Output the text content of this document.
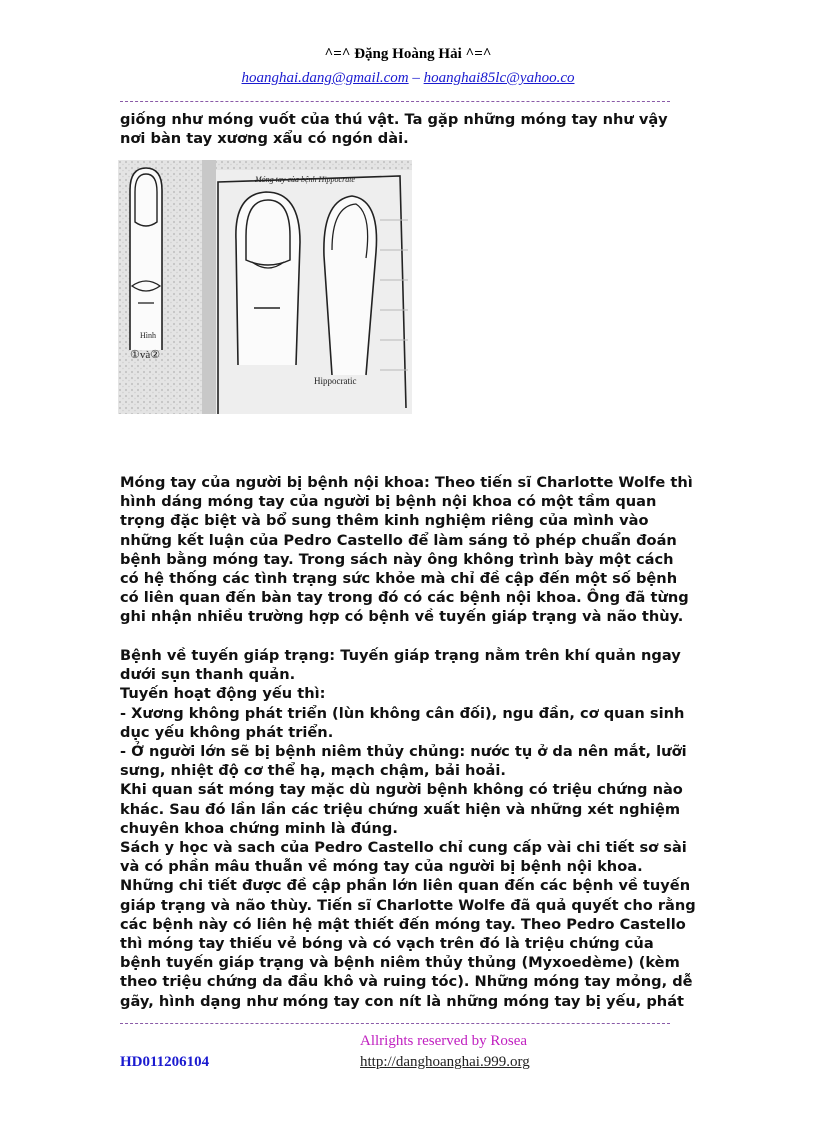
^=^ Đặng Hoàng Hải ^=^
hoanghai.dang@gmail.com – hoanghai85lc@yahoo.co

giống như móng vuốt của thú vật. Ta gặp những móng tay như vậy
nơi bàn tay xương xẩu có ngón dài.

Móng tay của bệnh Hippocrate
Hippocratic
Hình
①và②

Móng tay của người bị bệnh nội khoa: Theo tiến sĩ Charlotte Wolfe thì
hình dáng móng tay của người bị bệnh nội khoa có một tầm quan
trọng đặc biệt và bổ sung thêm kinh nghiệm riêng của mình vào
những kết luận của Pedro Castello để làm sáng tỏ phép chuẩn đoán
bệnh bằng móng tay. Trong sách này ông không trình bày một cách
có hệ thống các tình trạng sức khỏe mà chỉ đề cập đến một số bệnh
có liên quan đến bàn tay trong đó có các bệnh nội khoa. Ông đã từng
ghi nhận nhiều trường hợp có bệnh về tuyến giáp trạng và não thùy.

Bệnh về tuyến giáp trạng: Tuyến giáp trạng nằm trên khí quản ngay
dưới sụn thanh quản.
Tuyến hoạt động yếu thì:
- Xương không phát triển (lùn không cân đối), ngu đần, cơ quan sinh
dục yếu không phát triển.
- Ở người lớn sẽ bị bệnh niêm thủy chủng: nước tụ ở da nên mắt, lưỡi
sưng, nhiệt độ cơ thể hạ, mạch chậm, bải hoải.
Khi quan sát móng tay mặc dù người bệnh không có triệu chứng nào
khác. Sau đó lần lần các triệu chứng xuất hiện và những xét nghiệm
chuyên khoa chứng minh là đúng.
Sách y học và sach của Pedro Castello chỉ cung cấp vài chi tiết sơ sài
và có phần mâu thuẫn về móng tay của người bị bệnh nội khoa.
Những chi tiết được đề cập phần lớn liên quan đến các bệnh về tuyến
giáp trạng và não thùy. Tiến sĩ Charlotte Wolfe đã quả quyết cho rằng
các bệnh này có liên hệ mật thiết đến móng tay. Theo Pedro Castello
thì móng tay thiếu vẻ bóng và có vạch trên đó là triệu chứng của
bệnh tuyến giáp trạng và bệnh niêm thủy thủng (Myxoedème) (kèm
theo triệu chứng da đầu khô và ruing tóc). Những móng tay mỏng, dễ
gãy, hình dạng như móng tay con nít là những móng tay bị yếu, phát

Allrights reserved by Rosea
HD011206104	http://danghoanghai.999.org
